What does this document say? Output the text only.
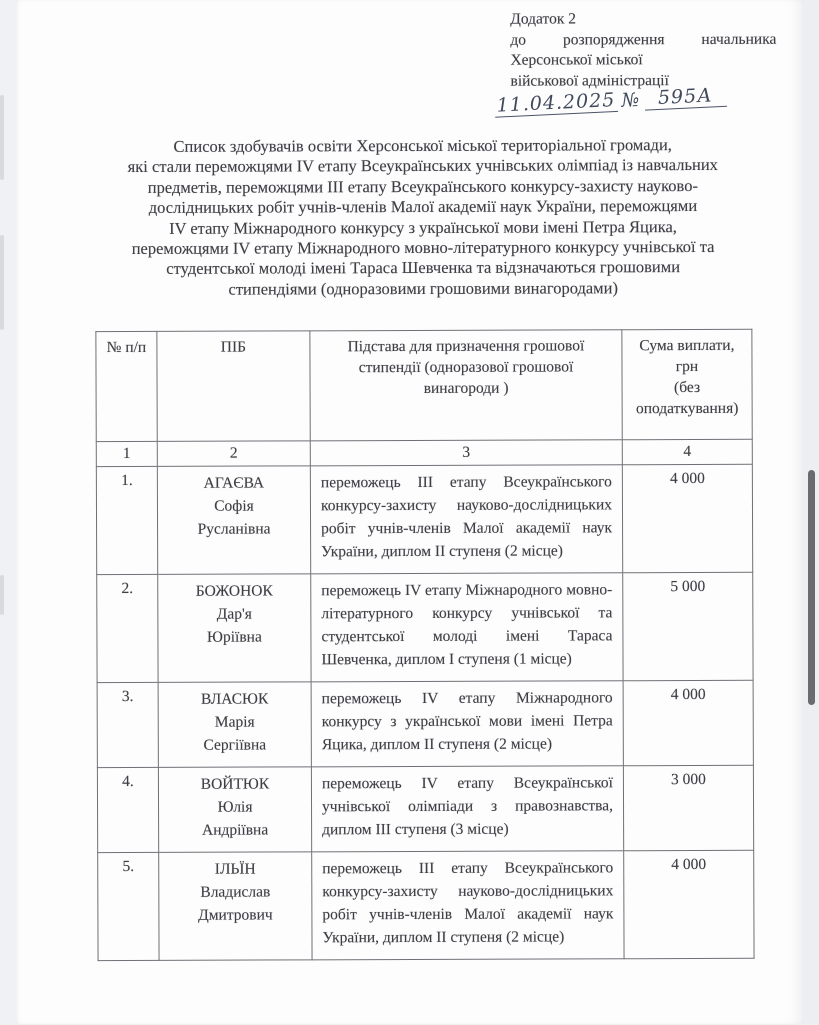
Додаток 2
до розпорядження начальника
Херсонської міської
військової адміністрації
11.04.2025 № 595А
Список здобувачів освіти Херсонської міської територіальної громади,
які стали переможцями IV етапу Всеукраїнських учнівських олімпіад із навчальних
предметів, переможцями III етапу Всеукраїнського конкурсу-захисту науково-
дослідницьких робіт учнів-членів Малої академії наук України, переможцями
IV етапу Міжнародного конкурсу з української мови імені Петра Яцика,
переможцями IV етапу Міжнародного мовно-літературного конкурсу учнівської та
студентської молоді імені Тараса Шевченка та відзначаються грошовими
стипендіями (одноразовими грошовими винагородами)
№ п/п	ПІБ	Підстава для призначення грошової
стипендії (одноразової грошової
винагороди )	Сума виплати,
грн
(без
оподаткування)
1	2	3	4
1.	АГАЄВА
Софія
Русланівна	переможець III етапу Всеукраїнського конкурсу-захисту науково-дослідницьких робіт учнів-членів Малої академії наук України, диплом II ступеня (2 місце)	4 000
2.	БОЖОНОК
Дар'я
Юріївна	переможець IV етапу Міжнародного мовно-літературного конкурсу учнівської та студентської молоді імені Тараса Шевченка, диплом I ступеня (1 місце)	5 000
3.	ВЛАСЮК
Марія
Сергіївна	переможець IV етапу Міжнародного конкурсу з української мови імені Петра Яцика, диплом II ступеня (2 місце)	4 000
4.	ВОЙТЮК
Юлія
Андріївна	переможець IV етапу Всеукраїнської учнівської олімпіади з правознавства, диплом III ступеня (3 місце)	3 000
5.	ІЛЬЇН
Владислав
Дмитрович	переможець III етапу Всеукраїнського конкурсу-захисту науково-дослідницьких робіт учнів-членів Малої академії наук України, диплом II ступеня (2 місце)	4 000
